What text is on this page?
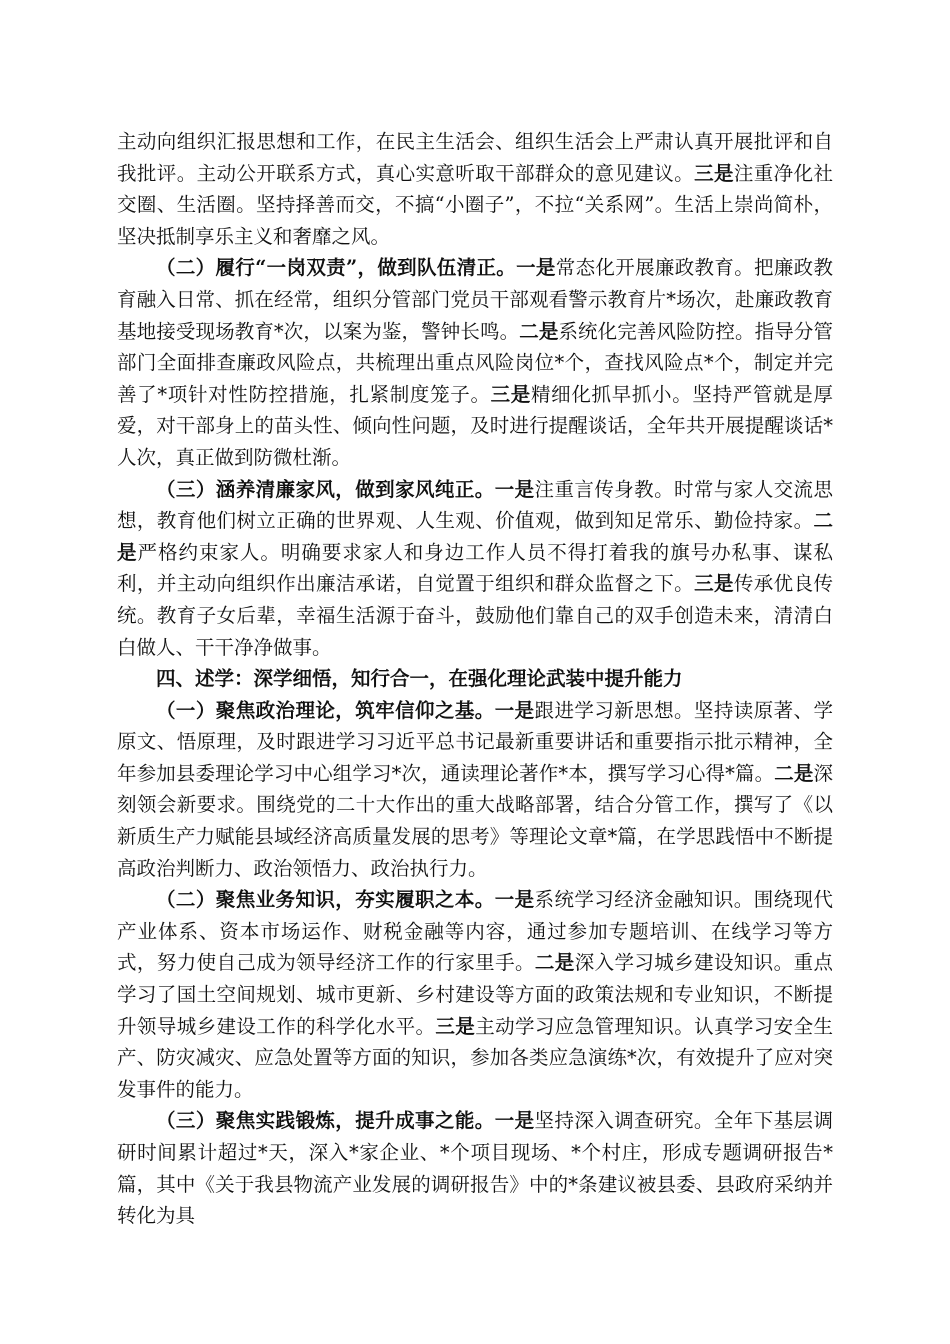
主动向组织汇报思想和工作，在民主生活会、组织生活会上严肃认真开展批评和自我批评。主动公开联系方式，真心实意听取干部群众的意见建议。三是注重净化社交圈、生活圈。坚持择善而交，不搞“小圈子”，不拉“关系网”。生活上崇尚简朴，坚决抵制享乐主义和奢靡之风。

（二）履行“一岗双责”，做到队伍清正。一是常态化开展廉政教育。把廉政教育融入日常、抓在经常，组织分管部门党员干部观看警示教育片*场次，赴廉政教育基地接受现场教育*次，以案为鉴，警钟长鸣。二是系统化完善风险防控。指导分管部门全面排查廉政风险点，共梳理出重点风险岗位*个，查找风险点*个，制定并完善了*项针对性防控措施，扎紧制度笼子。三是精细化抓早抓小。坚持严管就是厚爱，对干部身上的苗头性、倾向性问题，及时进行提醒谈话，全年共开展提醒谈话*人次，真正做到防微杜渐。

（三）涵养清廉家风，做到家风纯正。一是注重言传身教。时常与家人交流思想，教育他们树立正确的世界观、人生观、价值观，做到知足常乐、勤俭持家。二是严格约束家人。明确要求家人和身边工作人员不得打着我的旗号办私事、谋私利，并主动向组织作出廉洁承诺，自觉置于组织和群众监督之下。三是传承优良传统。教育子女后辈，幸福生活源于奋斗，鼓励他们靠自己的双手创造未来，清清白白做人、干干净净做事。

四、述学：深学细悟，知行合一，在强化理论武装中提升能力

（一）聚焦政治理论，筑牢信仰之基。一是跟进学习新思想。坚持读原著、学原文、悟原理，及时跟进学习习近平总书记最新重要讲话和重要指示批示精神，全年参加县委理论学习中心组学习*次，通读理论著作*本，撰写学习心得*篇。二是深刻领会新要求。围绕党的二十大作出的重大战略部署，结合分管工作，撰写了《以新质生产力赋能县域经济高质量发展的思考》等理论文章*篇，在学思践悟中不断提高政治判断力、政治领悟力、政治执行力。

（二）聚焦业务知识，夯实履职之本。一是系统学习经济金融知识。围绕现代产业体系、资本市场运作、财税金融等内容，通过参加专题培训、在线学习等方式，努力使自己成为领导经济工作的行家里手。二是深入学习城乡建设知识。重点学习了国土空间规划、城市更新、乡村建设等方面的政策法规和专业知识，不断提升领导城乡建设工作的科学化水平。三是主动学习应急管理知识。认真学习安全生产、防灾减灾、应急处置等方面的知识，参加各类应急演练*次，有效提升了应对突发事件的能力。

（三）聚焦实践锻炼，提升成事之能。一是坚持深入调查研究。全年下基层调研时间累计超过*天，深入*家企业、*个项目现场、*个村庄，形成专题调研报告*篇，其中《关于我县物流产业发展的调研报告》中的*条建议被县委、县政府采纳并转化为具
